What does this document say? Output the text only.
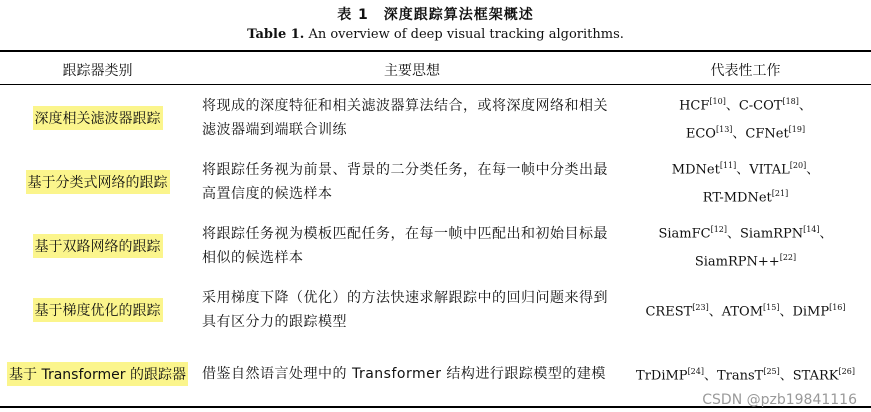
表 1　深度跟踪算法框架概述
Table 1. An overview of deep visual tracking algorithms.
跟踪器类别	主要思想	代表性工作
深度相关滤波器跟踪
将现成的深度特征和相关滤波器算法结合，或将深度网络和相关滤波器端到端联合训练
HCF[10]、C-COT[18]、
ECO[13]、CFNet[19]
基于分类式网络的跟踪
将跟踪任务视为前景、背景的二分类任务，在每一帧中分类出最高置信度的候选样本
MDNet[11]、VITAL[20]、
RT-MDNet[21]
基于双路网络的跟踪
将跟踪任务视为模板匹配任务，在每一帧中匹配出和初始目标最相似的候选样本
SiamFC[12]、SiamRPN[14]、
SiamRPN++[22]
基于梯度优化的跟踪
采用梯度下降（优化）的方法快速求解跟踪中的回归问题来得到具有区分力的跟踪模型
CREST[23]、ATOM[15]、DiMP[16]
基于 Transformer 的跟踪器 借鉴自然语言处理中的 Transformer 结构进行跟踪模型的建模 TrDiMP[24]、TransT[25]、STARK[26]
CSDN @pzb19841116
